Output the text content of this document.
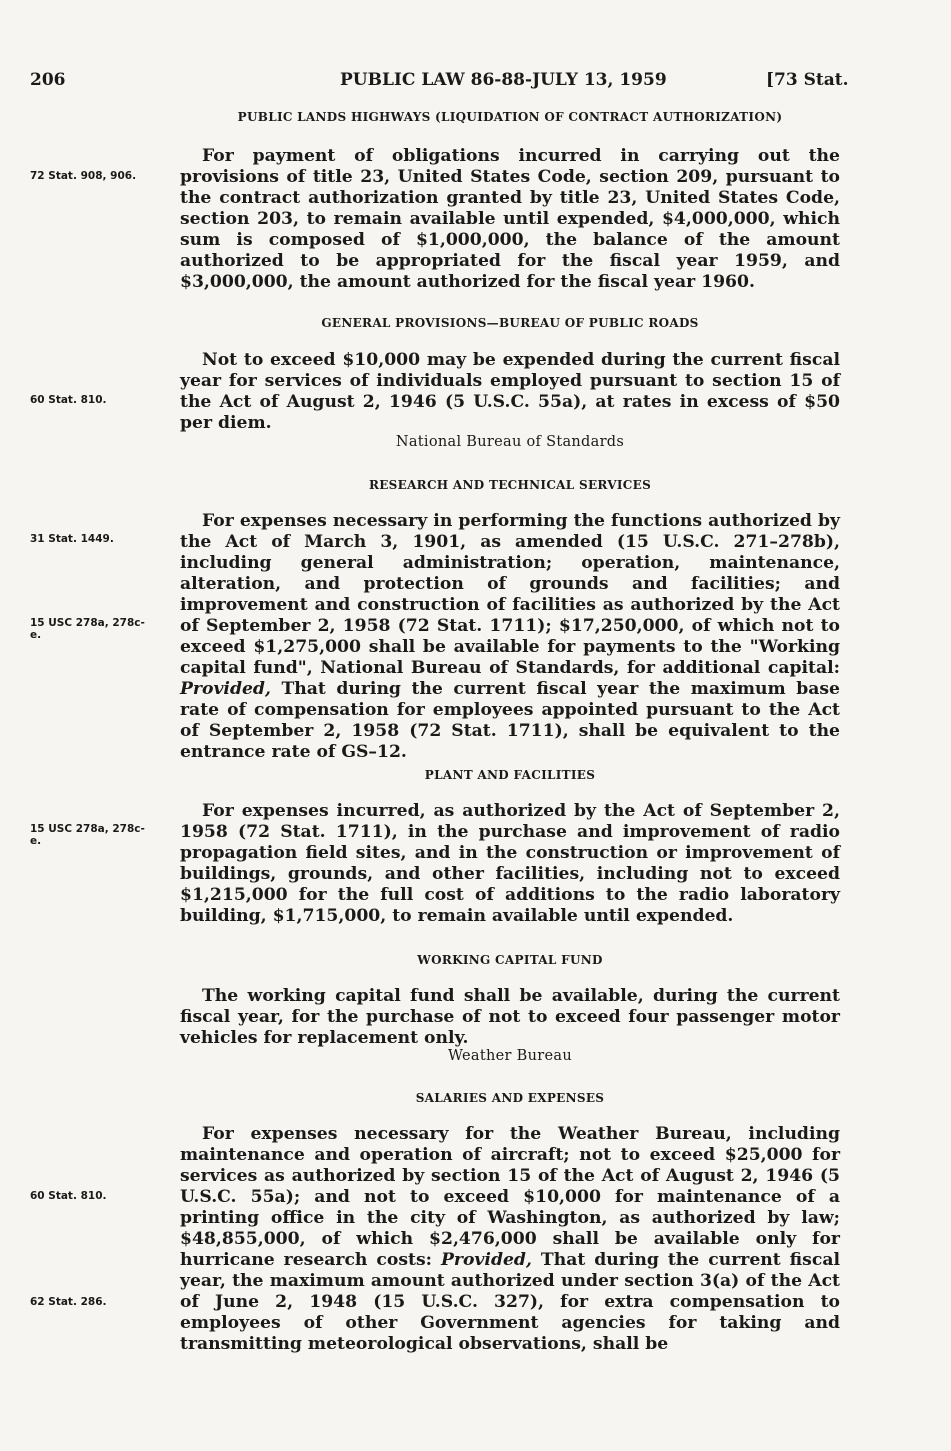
206	PUBLIC LAW 86-88-JULY 13, 1959	[73 Stat.
PUBLIC LANDS HIGHWAYS (LIQUIDATION OF CONTRACT AUTHORIZATION)

For payment of obligations incurred in carrying out the provisions of title 23, United States Code, section 209, pursuant to the contract authorization granted by title 23, United States Code, section 203, to remain available until expended, $4,000,000, which sum is composed of $1,000,000, the balance of the amount authorized to be appropriated for the fiscal year 1959, and $3,000,000, the amount authorized for the fiscal year 1960.

GENERAL PROVISIONS—BUREAU OF PUBLIC ROADS

Not to exceed $10,000 may be expended during the current fiscal year for services of individuals employed pursuant to section 15 of the Act of August 2, 1946 (5 U.S.C. 55a), at rates in excess of $50 per diem.

National Bureau of Standards
RESEARCH AND TECHNICAL SERVICES

For expenses necessary in performing the functions authorized by the Act of March 3, 1901, as amended (15 U.S.C. 271–278b), including general administration; operation, maintenance, alteration, and protection of grounds and facilities; and improvement and construction of facilities as authorized by the Act of September 2, 1958 (72 Stat. 1711); $17,250,000, of which not to exceed $1,275,000 shall be available for payments to the "Working capital fund", National Bureau of Standards, for additional capital: Provided, That during the current fiscal year the maximum base rate of compensation for employees appointed pursuant to the Act of September 2, 1958 (72 Stat. 1711), shall be equivalent to the entrance rate of GS–12.

PLANT AND FACILITIES

For expenses incurred, as authorized by the Act of September 2, 1958 (72 Stat. 1711), in the purchase and improvement of radio propagation field sites, and in the construction or improvement of buildings, grounds, and other facilities, including not to exceed $1,215,000 for the full cost of additions to the radio laboratory building, $1,715,000, to remain available until expended.

WORKING CAPITAL FUND

The working capital fund shall be available, during the current fiscal year, for the purchase of not to exceed four passenger motor vehicles for replacement only.

Weather Bureau
SALARIES AND EXPENSES

For expenses necessary for the Weather Bureau, including maintenance and operation of aircraft; not to exceed $25,000 for services as authorized by section 15 of the Act of August 2, 1946 (5 U.S.C. 55a); and not to exceed $10,000 for maintenance of a printing office in the city of Washington, as authorized by law; $48,855,000, of which $2,476,000 shall be available only for hurricane research costs: Provided, That during the current fiscal year, the maximum amount authorized under section 3(a) of the Act of June 2, 1948 (15 U.S.C. 327), for extra compensation to employees of other Government agencies for taking and transmitting meteorological observations, shall be

72 Stat. 908, 906.
60 Stat. 810.
31 Stat. 1449.
15 USC 278a, 278c-e.
15 USC 278a, 278c-e.
60 Stat. 810.
62 Stat. 286.
